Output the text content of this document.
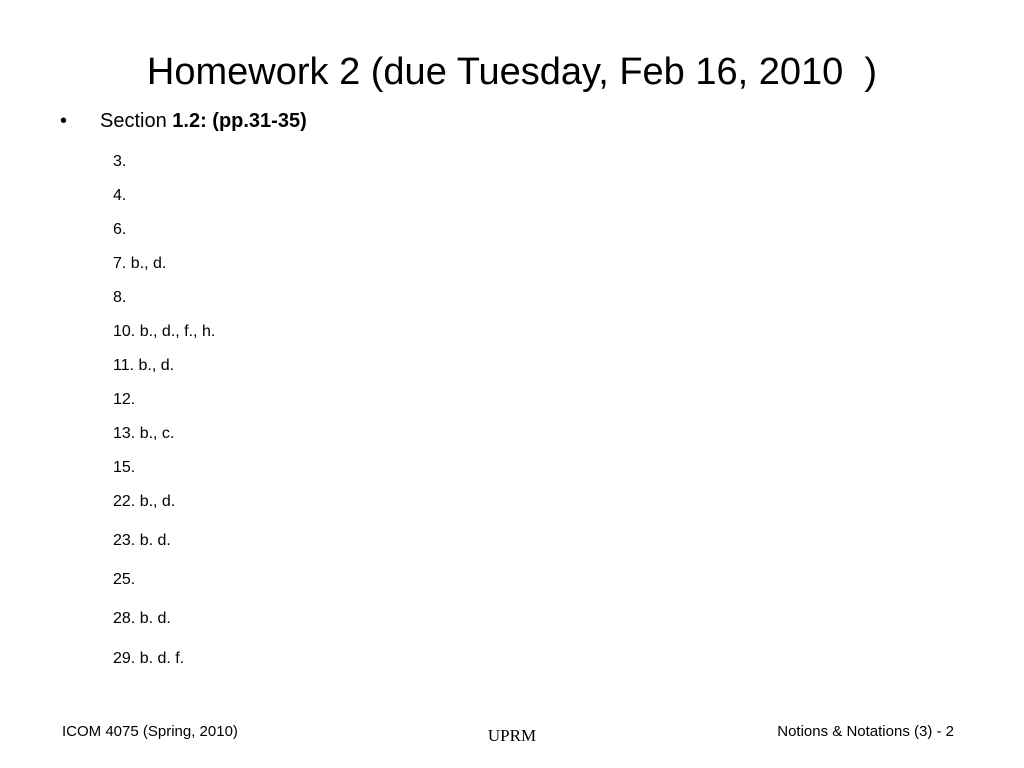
Homework 2 (due Tuesday, Feb 16, 2010  )
• Section 1.2: (pp.31-35)
3.
4.
6.
7. b., d.
8.
10. b., d., f., h.
11. b., d.
12.
13. b., c.
15.
22. b., d.
23. b. d.
25.
28. b. d.
29. b. d. f.
ICOM 4075 (Spring, 2010)	UPRM	Notions & Notations (3) - 2
